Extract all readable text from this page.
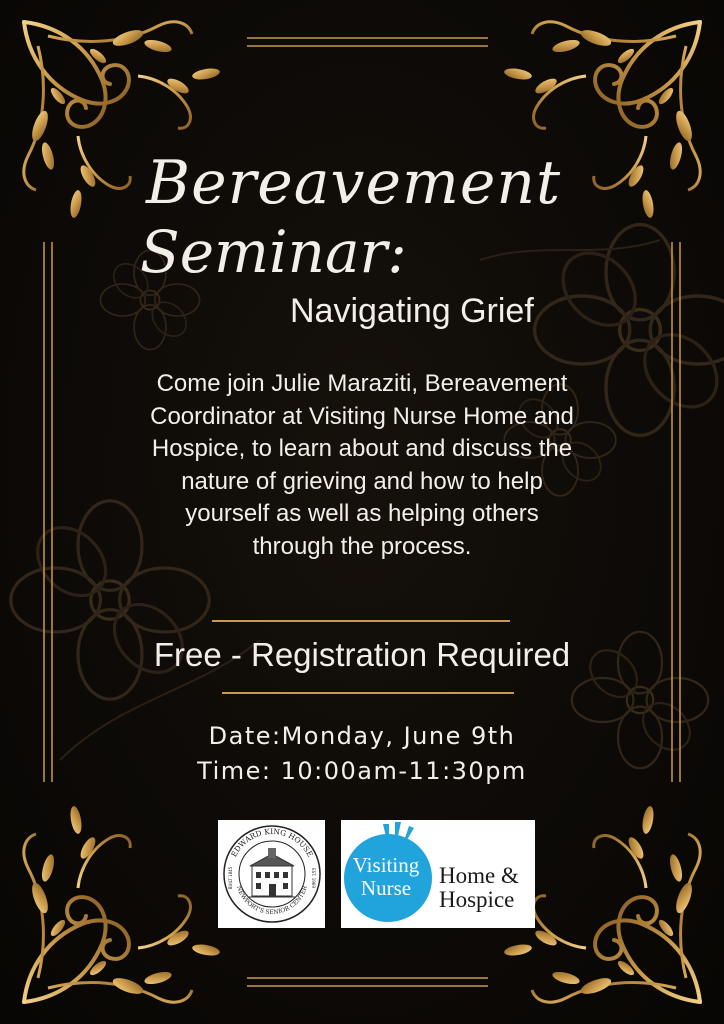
Bereavement
Seminar:
Navigating Grief
Come join Julie Maraziti, Bereavement
Coordinator at Visiting Nurse Home and
Hospice, to learn about and discuss the
nature of grieving and how to help
yourself as well as helping others
through the process.
Free - Registration Required
Date:Monday, June 9th
Time: 10:00am-11:30pm
EDWARD KING HOUSE
NEWPORT'S SENIOR CENTER
BUILT 1845	EST. 1969
Visiting
Nurse	Home &
Hospice
